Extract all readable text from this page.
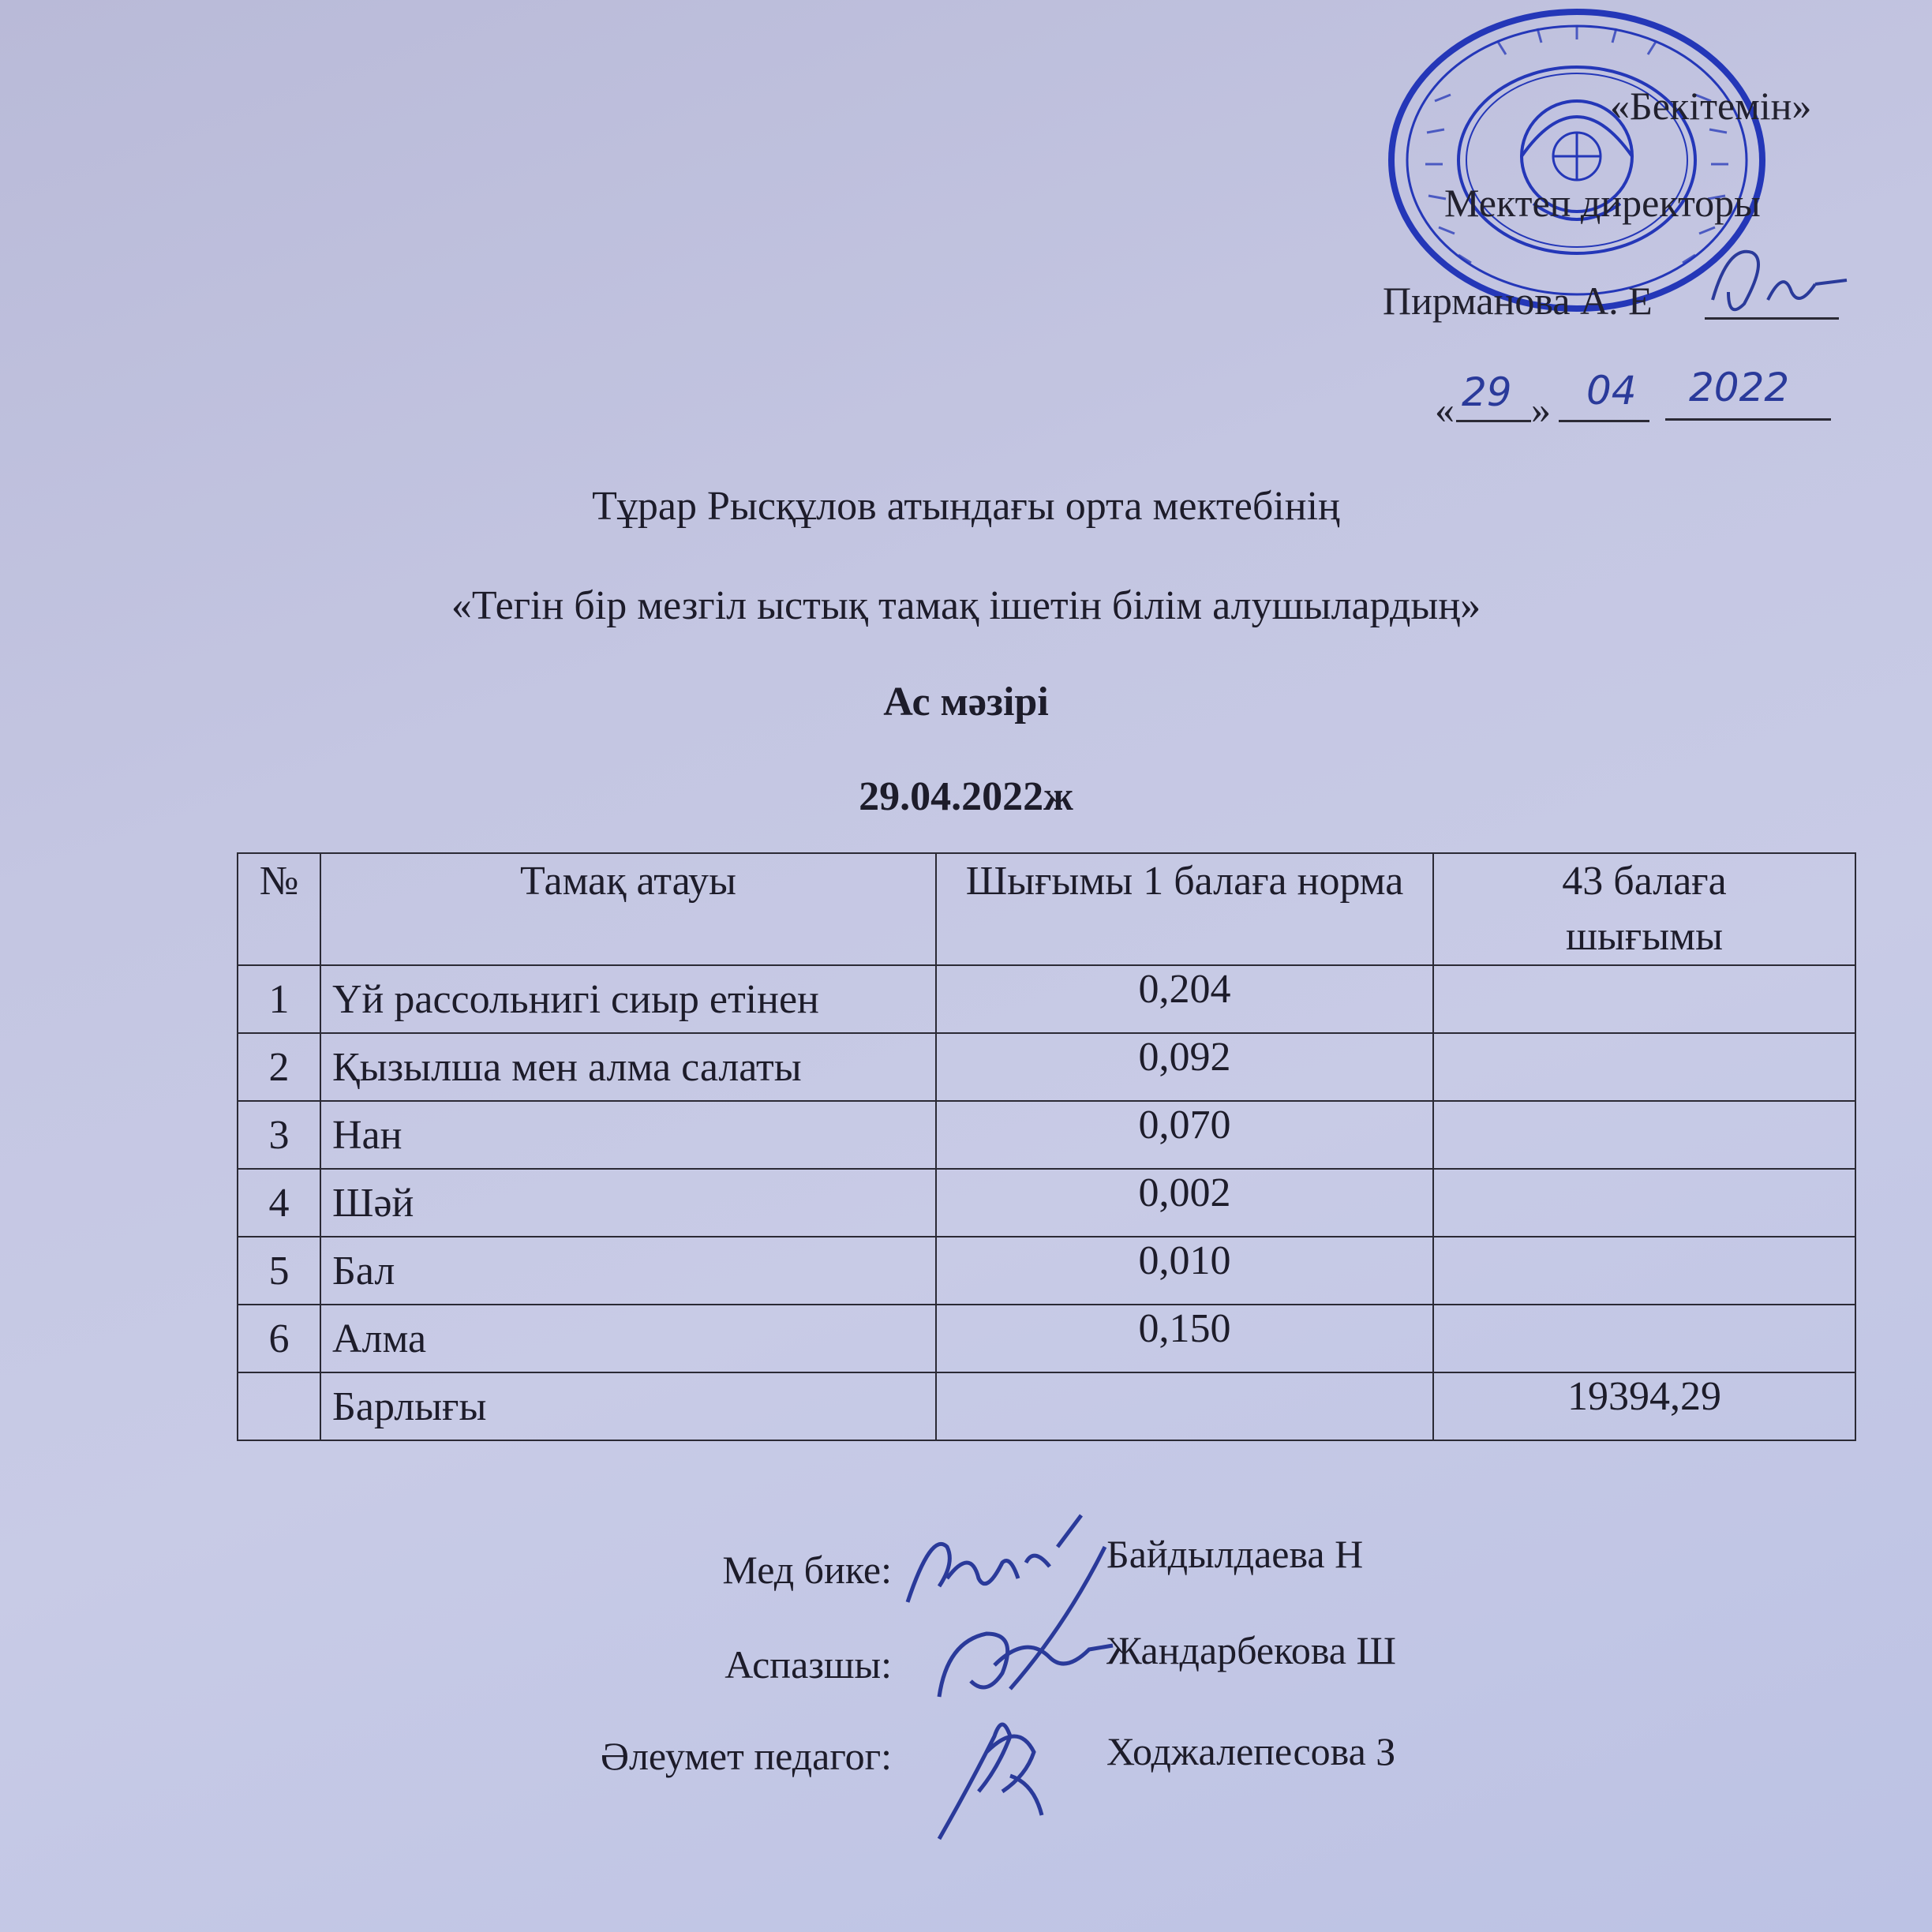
«Бекітемін»
Мектеп директоры
Пирманова А. Е
« 29 » 04 2022
Тұрар Рысқұлов атындағы орта мектебінің
«Тегін бір мезгіл ыстық тамақ ішетін білім алушылардың»
Ас мәзірі
29.04.2022ж
№	Тамақ атауы	Шығымы 1 балаға норма	43 балаға шығымы
1	Үй рассольнигі сиыр етінен	0,204	
2	Қызылша мен алма салаты	0,092	
3	Нан	0,070	
4	Шәй	0,002	
5	Бал	0,010	
6	Алма	0,150	
	Барлығы		19394,29
Мед бике:	Байдылдаева Н
Аспазшы:	Жандарбекова Ш
Әлеумет педагог:	Ходжалепесова З
